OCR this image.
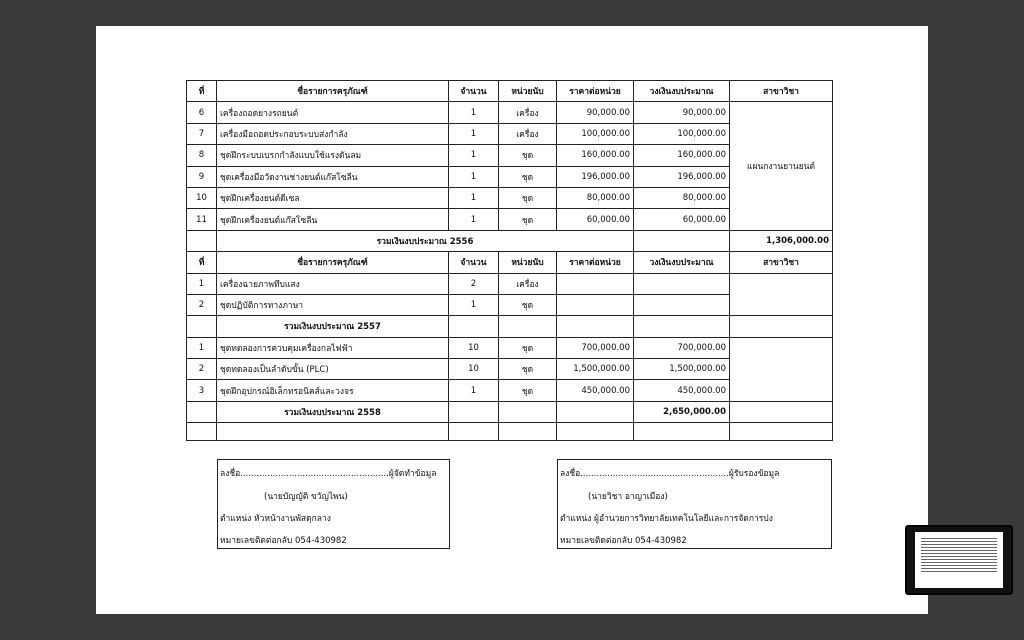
ที่	ชื่อรายการครุภัณฑ์	จำนวน	หน่วยนับ	ราคาต่อหน่วย	วงเงินงบประมาณ	สาขาวิชา	
6	เครื่องถอดยางรถยนต์	1	เครื่อง	90,000.00	90,000.00	แผนกงานยานยนต์	
7	เครื่องมือถอดประกอบระบบส่งกำลัง	1	เครื่อง	100,000.00	100,000.00		
8	ชุดฝึกระบบเบรกกำลังแบบใช้แรงดันลม	1	ชุด	160,000.00	160,000.00		
9	ชุดเครื่องมือวัดงานช่างยนต์แก๊สโซลีน	1	ชุด	196,000.00	196,000.00		
10	ชุดฝึกเครื่องยนต์ดีเซล	1	ชุด	80,000.00	80,000.00		
11	ชุดฝึกเครื่องยนต์แก๊สโซลีน	1	ชุด	60,000.00	60,000.00		
	รวมเงินงบประมาณ 2556					1,306,000.00	
ที่	ชื่อรายการครุภัณฑ์	จำนวน	หน่วยนับ	ราคาต่อหน่วย	วงเงินงบประมาณ	สาขาวิชา	
1	เครื่องฉายภาพทึบแสง	2	เครื่อง				
2	ชุดปฏิบัติการทางภาษา	1	ชุด				
	รวมเงินงบประมาณ 2557						
1	ชุดทดลองการควบคุมเครื่องกลไฟฟ้า	10	ชุด	700,000.00	700,000.00		
2	ชุดทดลองเป็นลำดับขั้น (PLC)	10	ชุด	1,500,000.00	1,500,000.00		
3	ชุดฝึกอุปกรณ์อิเล็กทรอนิคส์และวงจร	1	ชุด	450,000.00	450,000.00		
	รวมเงินงบประมาณ 2558				2,650,000.00		

ลงชื่อ.......................................................ผู้จัดทำข้อมูล
(นายบัญญัติ ขวัญไพน)
ตำแหน่ง หัวหน้างานพัสดุกลาง
หมายเลขติดต่อกลับ 054-430982
ลงชื่อ.......................................................ผู้รับรองข้อมูล
(นายวิชา อาญาเมือง)
ตำแหน่ง ผู้อำนวยการวิทยาลัยเทคโนโลยีและการจัดการปง
หมายเลขติดต่อกลับ 054-430982
